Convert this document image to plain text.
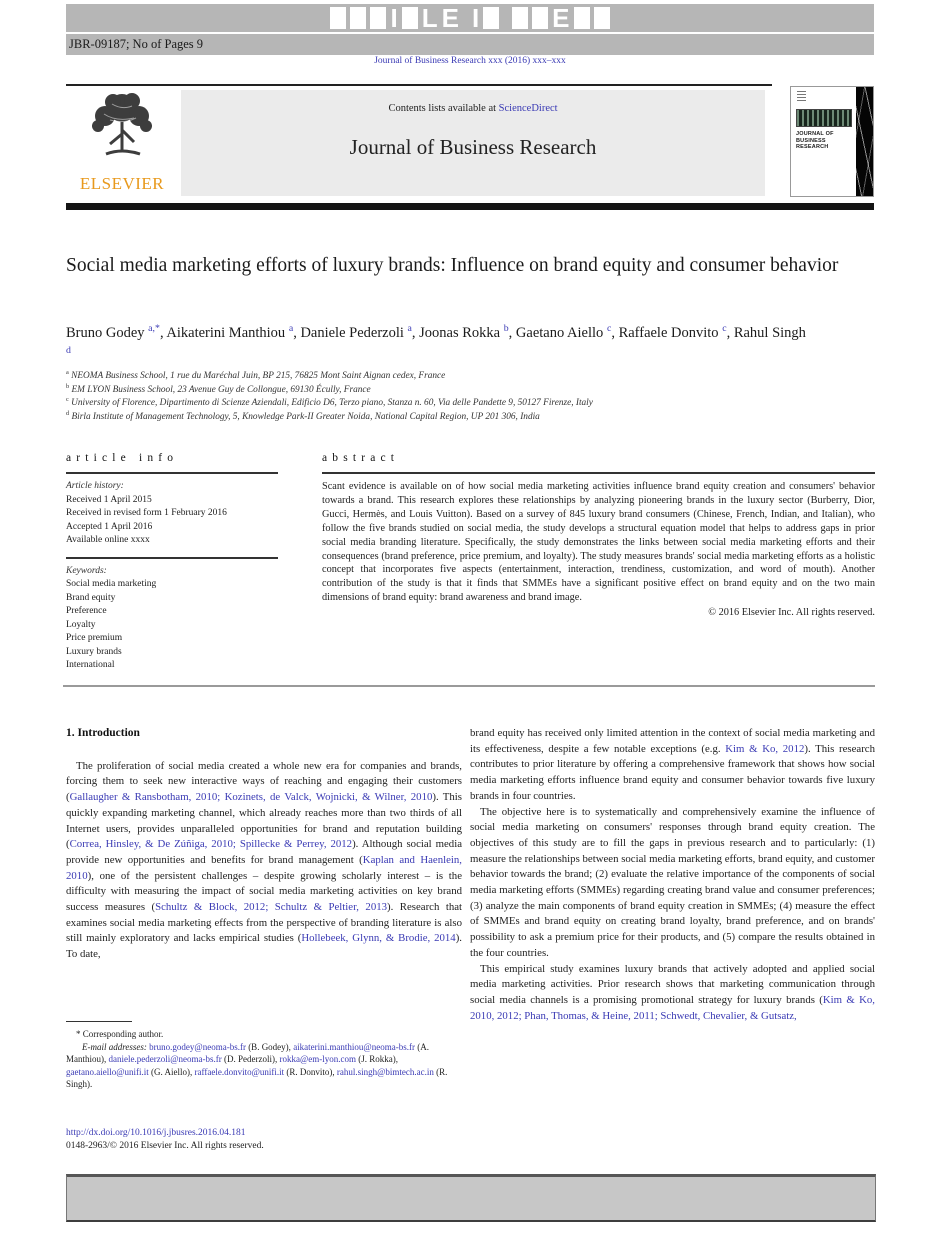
I L E I	E
JBR-09187; No of Pages 9
Journal of Business Research xxx (2016) xxx–xxx
ELSEVIER
Contents lists available at ScienceDirect
Journal of Business Research
JOURNAL OF
BUSINESS
RESEARCH
Social media marketing efforts of luxury brands: Influence on brand equity and consumer behavior
Bruno Godey $^{a,*}$, Aikaterini Manthiou $^a$, Daniele Pederzoli $^a$, Joonas Rokka $^b$, Gaetano Aiello $^c$, Raffaele Donvito $^c$, Rahul Singh $^d$
$^a$ NEOMA Business School, 1 rue du Maréchal Juin, BP 215, 76825 Mont Saint Aignan cedex, France
$^b$ EM LYON Business School, 23 Avenue Guy de Collongue, 69130 Écully, France
$^c$ University of Florence, Dipartimento di Scienze Aziendali, Edificio D6, Terzo piano, Stanza n. 60, Via delle Pandette 9, 50127 Firenze, Italy
$^d$ Birla Institute of Management Technology, 5, Knowledge Park-II Greater Noida, National Capital Region, UP 201 306, India
article info
Article history:
Received 1 April 2015
Received in revised form 1 February 2016
Accepted 1 April 2016
Available online xxxx
Keywords:
Social media marketing
Brand equity
Preference
Loyalty
Price premium
Luxury brands
International
abstract
Scant evidence is available on of how social media marketing activities influence brand equity creation and consumers' behavior towards a brand. This research explores these relationships by analyzing pioneering brands in the luxury sector (Burberry, Dior, Gucci, Hermès, and Louis Vuitton). Based on a survey of 845 luxury brand consumers (Chinese, French, Indian, and Italian), who follow the five brands studied on social media, the study develops a structural equation model that helps to address gaps in prior social media branding literature. Specifically, the study demonstrates the links between social media marketing efforts and their consequences (brand preference, price premium, and loyalty). The study measures brands' social media marketing efforts as a holistic concept that incorporates five aspects (entertainment, interaction, trendiness, customization, and word of mouth). Another contribution of the study is that it finds that SMMEs have a significant positive effect on brand equity and on the two main dimensions of brand equity: brand awareness and brand image.
© 2016 Elsevier Inc. All rights reserved.
1. Introduction

The proliferation of social media created a whole new era for companies and brands, forcing them to seek new interactive ways of reaching and engaging their customers (Gallaugher & Ransbotham, 2010; Kozinets, de Valck, Wojnicki, & Wilner, 2010). This quickly expanding marketing channel, which already reaches more than two thirds of all Internet users, provides unparalleled opportunities for brand and reputation building (Correa, Hinsley, & De Zúñiga, 2010; Spillecke & Perrey, 2012). Although social media provide new opportunities and benefits for brand management (Kaplan and Haenlein, 2010), one of the persistent challenges – despite growing scholarly interest – is the difficulty with measuring the impact of social media marketing activities on key brand success measures (Schultz & Block, 2012; Schultz & Peltier, 2013). Research that examines social media marketing effects from the perspective of branding literature is also still mainly exploratory and lacks empirical studies (Hollebeek, Glynn, & Brodie, 2014). To date,

brand equity has received only limited attention in the context of social media marketing and its effectiveness, despite a few notable exceptions (e.g. Kim & Ko, 2012). This research contributes to prior literature by offering a comprehensive framework that shows how social media marketing efforts influence brand equity and consumer behavior towards five luxury brands in four countries.

The objective here is to systematically and comprehensively examine the influence of social media marketing on consumers' responses through brand equity creation. The objectives of this study are to fill the gaps in previous research and to particularly: (1) measure the relationships between social media marketing efforts, brand equity, and customer behavior towards the brand; (2) evaluate the relative importance of the components of social media marketing efforts (SMMEs) regarding creating brand value and consumer preferences; (3) analyze the main components of brand equity creation in SMMEs; (4) measure the effect of SMMEs and brand equity on creating brand loyalty, brand preference, and on brands' possibility to ask a premium price for their products, and (5) compare the results obtained in the four countries.

This empirical study examines luxury brands that actively adopted and applied social media marketing activities. Prior research shows that marketing communication through social media channels is a promising promotional strategy for luxury brands (Kim & Ko, 2010, 2012; Phan, Thomas, & Heine, 2011; Schwedt, Chevalier, & Gutsatz,

* Corresponding author.
E-mail addresses: bruno.godey@neoma-bs.fr (B. Godey), aikaterini.manthiou@neoma-bs.fr (A. Manthiou), daniele.pederzoli@neoma-bs.fr (D. Pederzoli), rokka@em-lyon.com (J. Rokka), gaetano.aiello@unifi.it (G. Aiello), raffaele.donvito@unifi.it (R. Donvito), rahul.singh@bimtech.ac.in (R. Singh).
http://dx.doi.org/10.1016/j.jbusres.2016.04.181
0148-2963/© 2016 Elsevier Inc. All rights reserved.
